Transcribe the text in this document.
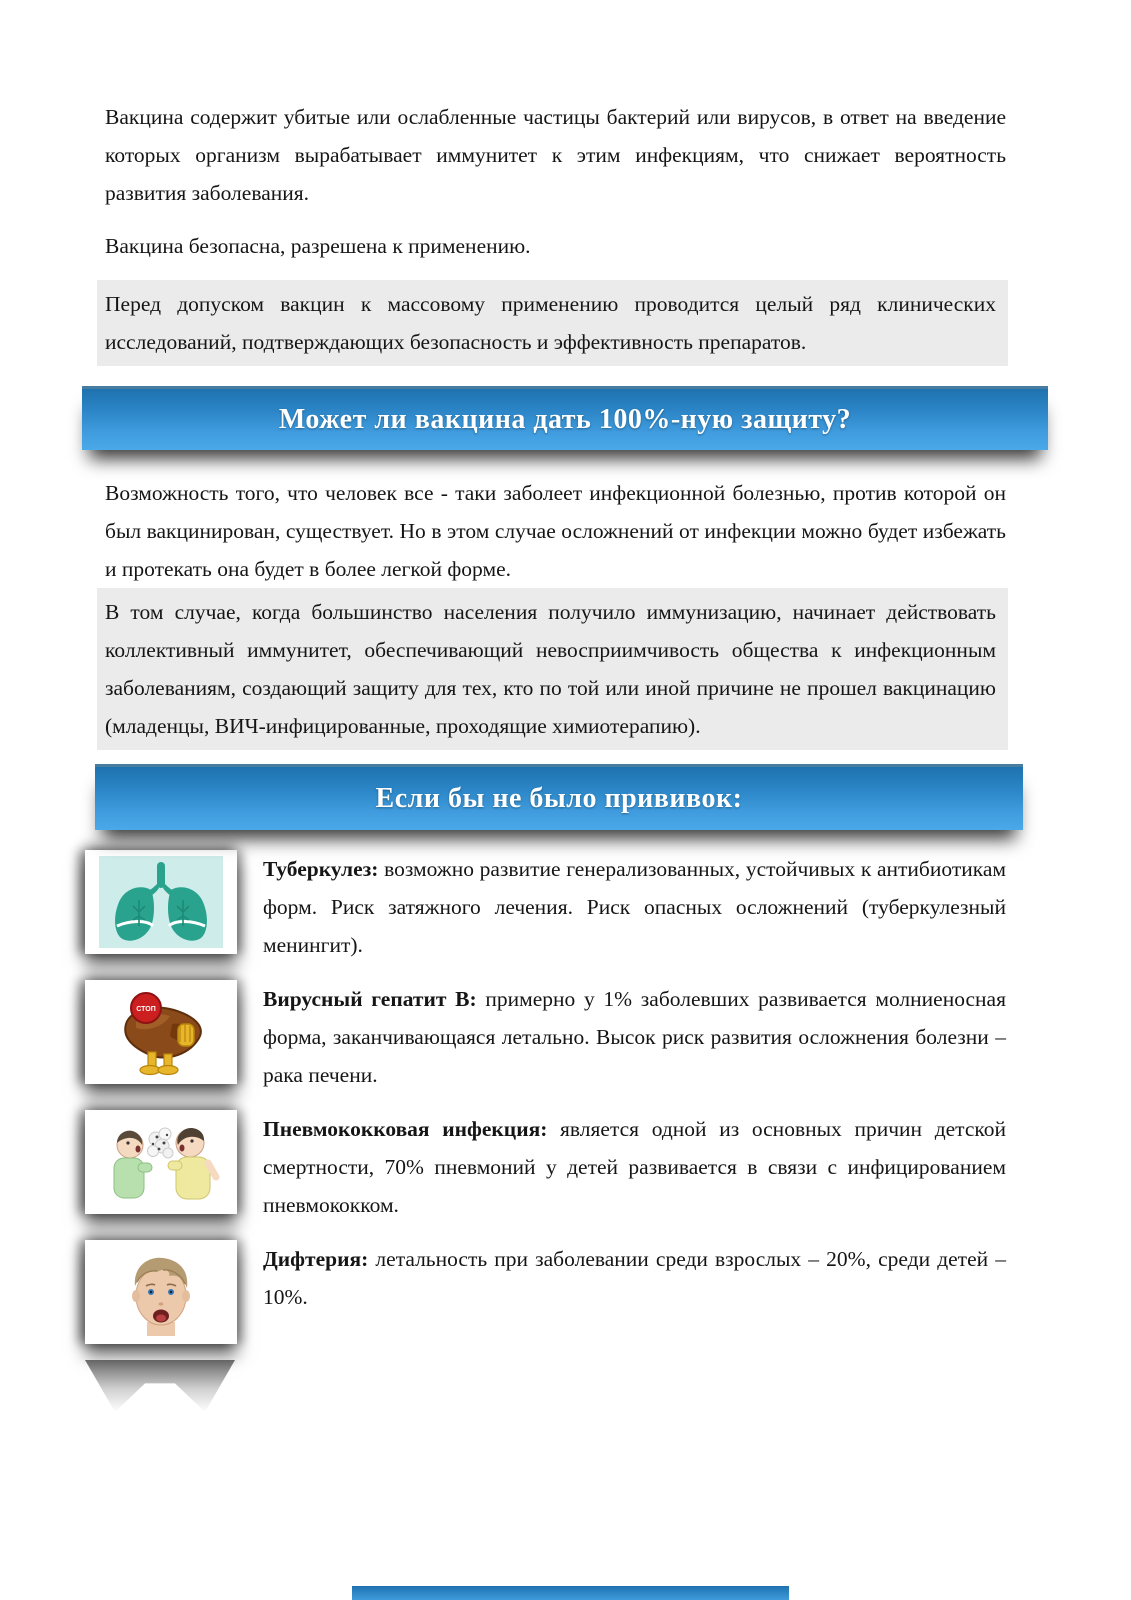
Вакцина содержит убитые или ослабленные частицы бактерий или вирусов, в ответ на введение которых организм вырабатывает иммунитет к этим инфекциям, что снижает вероятность развития заболевания.

Вакцина безопасна, разрешена к применению.

Перед допуском вакцин к массовому применению проводится целый ряд клинических исследований, подтверждающих безопасность и эффективность препаратов.

Может ли вакцина дать 100%-ную защиту?

Возможность того, что человек все - таки заболеет инфекционной болезнью, против которой он был вакцинирован, существует. Но в этом случае осложнений от инфекции можно будет избежать и протекать она будет в более легкой форме.

В том случае, когда большинство населения получило иммунизацию, начинает действовать коллективный иммунитет, обеспечивающий невосприимчивость общества к инфекционным заболеваниям, создающий защиту для тех, кто по той или иной причине не прошел вакцинацию (младенцы, ВИЧ-инфицированные, проходящие химиотерапию).

Если бы не было прививок:
Туберкулез: возможно развитие генерализованных, устойчивых к антибиотикам форм. Риск затяжного лечения. Риск опасных осложнений (туберкулезный менингит).
СТОП	Вирусный гепатит В: примерно у 1% заболевших развивается молниеносная форма, заканчивающаяся летально. Высок риск развития осложнения болезни – рака печени.
Пневмококковая инфекция: является одной из основных причин детской смертности, 70% пневмоний у детей развивается в связи с инфицированием пневмококком.
Дифтерия: летальность при заболевании среди взрослых – 20%, среди детей – 10%.
